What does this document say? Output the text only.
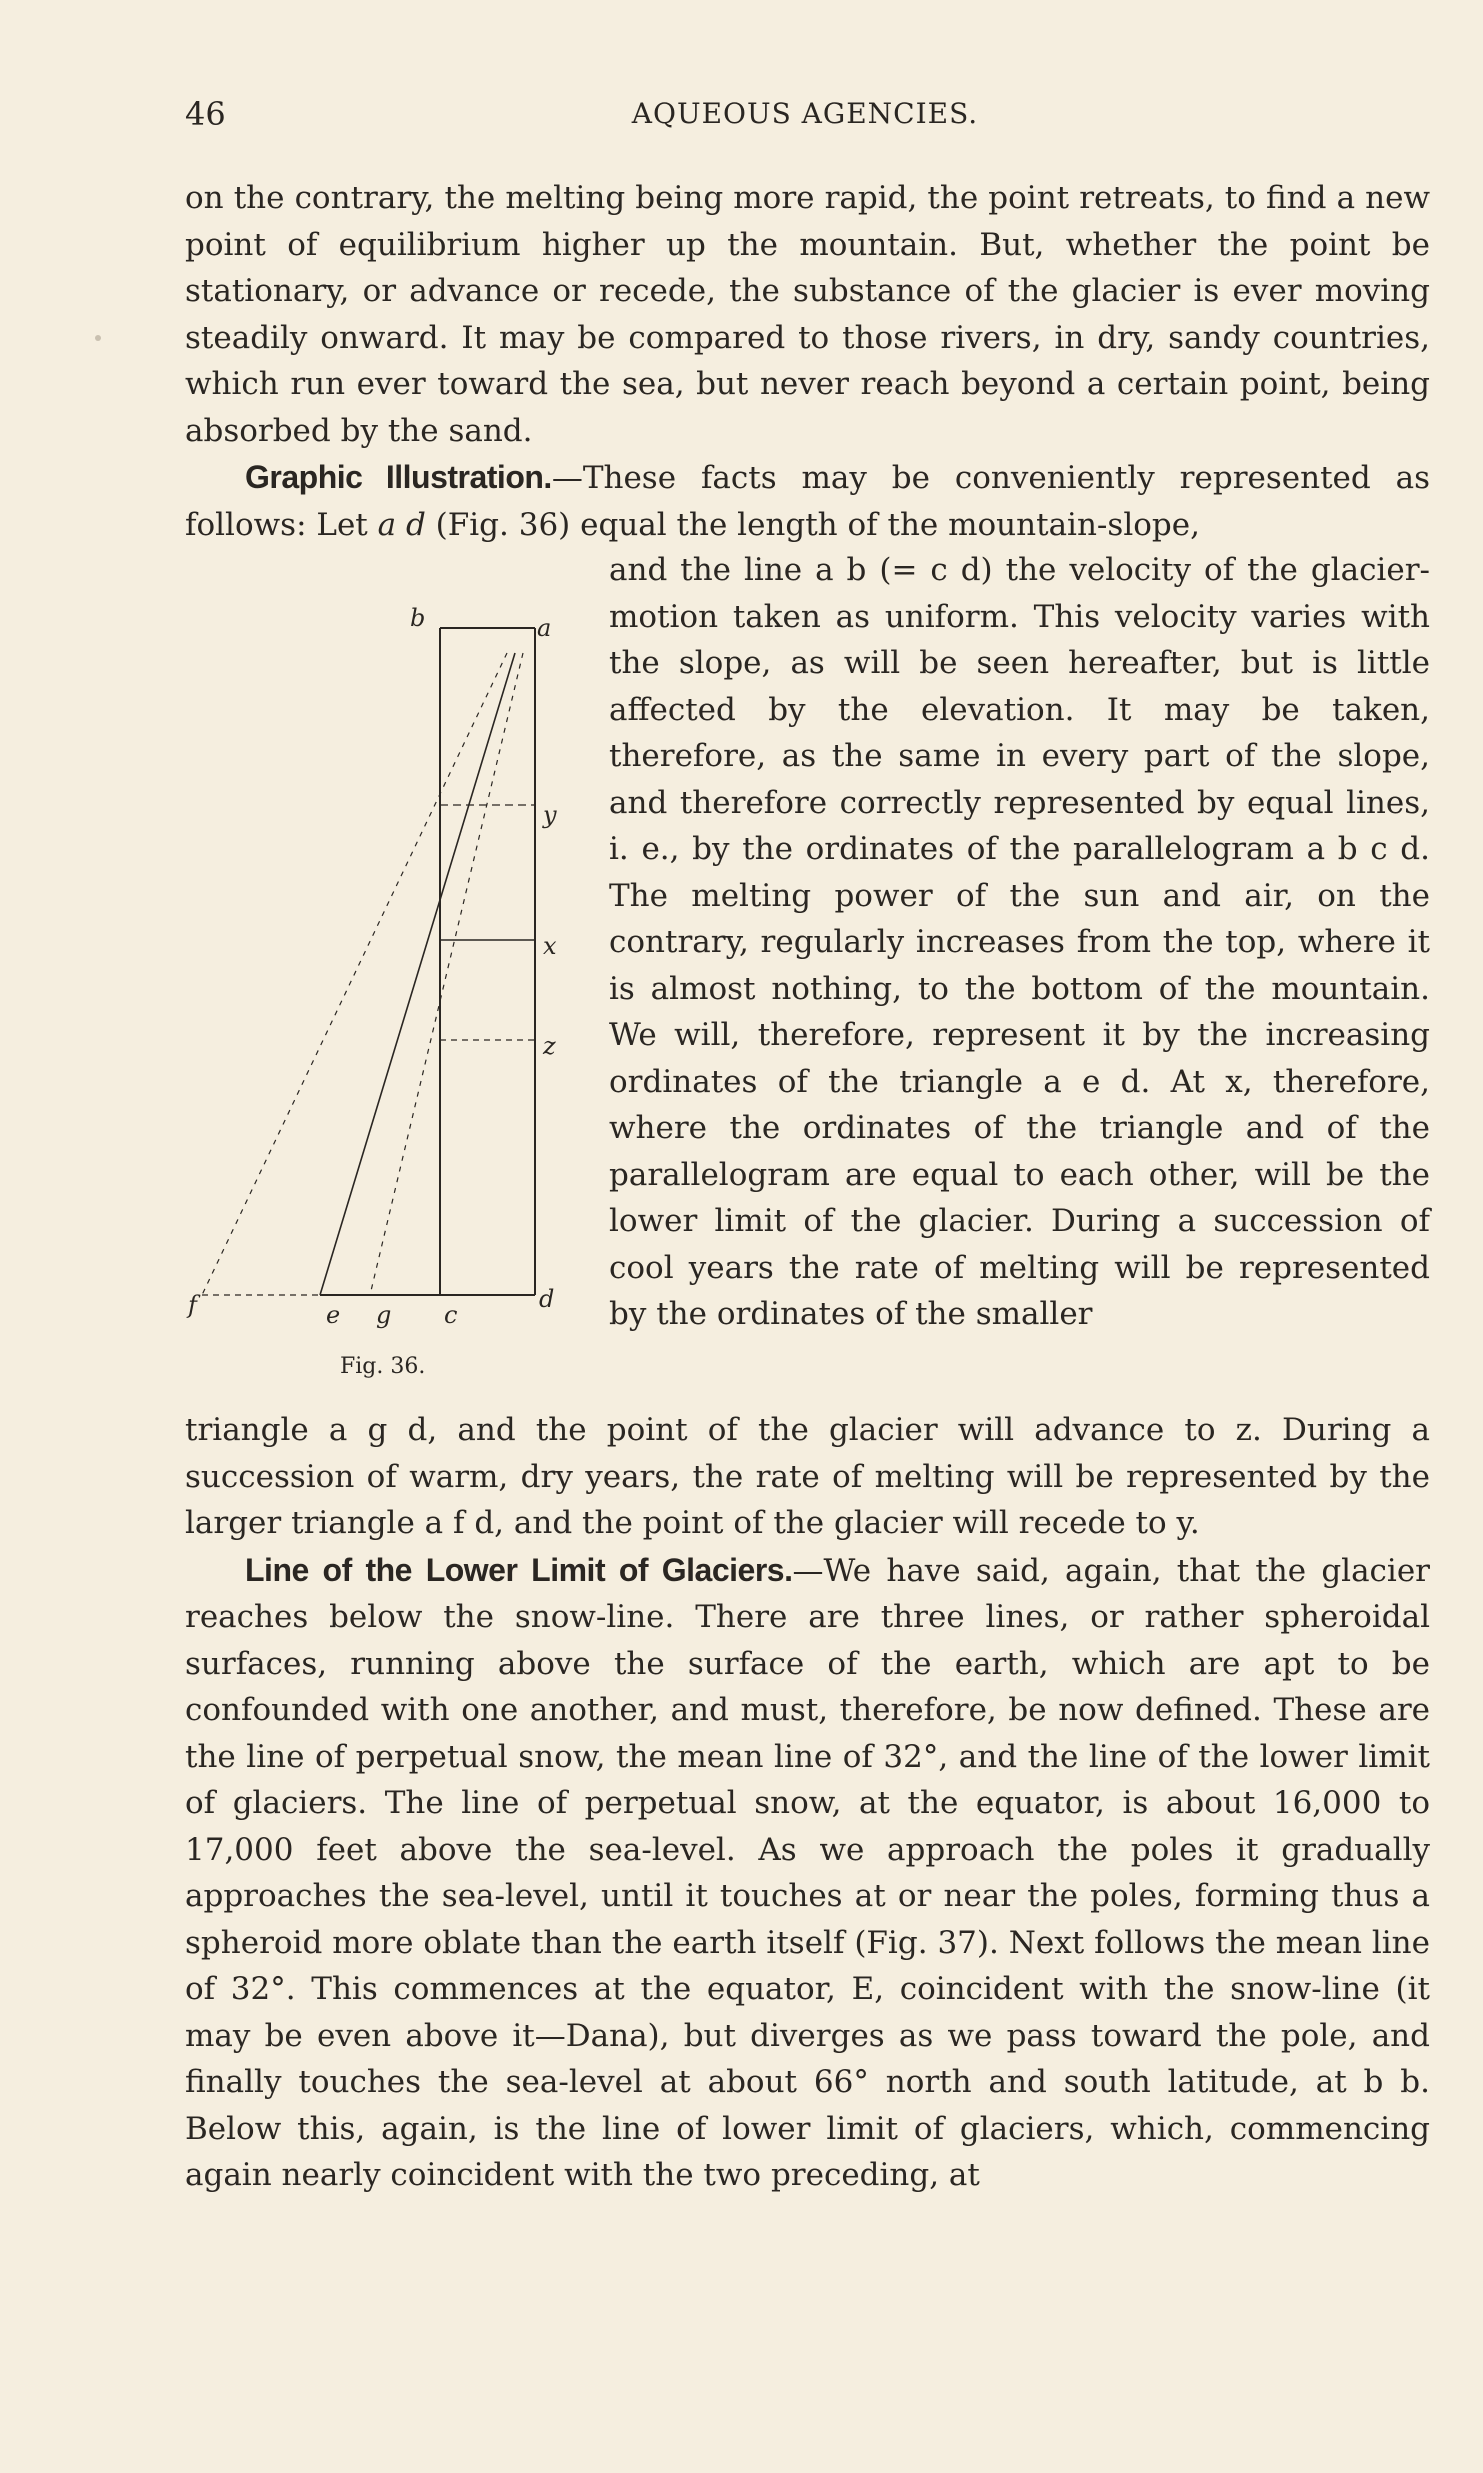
46	AQUEOUS AGENCIES.

on the contrary, the melting being more rapid, the point retreats, to find a new point of equilibrium higher up the mountain. But, whether the point be stationary, or advance or recede, the substance of the glacier is ever moving steadily onward. It may be compared to those rivers, in dry, sandy countries, which run ever toward the sea, but never reach beyond a certain point, being absorbed by the sand.

Graphic Illustration.—These facts may be conveniently represented as follows: Let a d (Fig. 36) equal the length of the mountain-slope,

and the line a b (= c d) the velocity of the glacier-motion taken as uniform. This velocity varies with the slope, as will be seen hereafter, but is little affected by the elevation. It may be taken, therefore, as the same in every part of the slope, and therefore correctly represented by equal lines, i. e., by the ordinates of the parallelogram a b c d. The melting power of the sun and air, on the contrary, regularly increases from the top, where it is almost nothing, to the bottom of the mountain. We will, therefore, represent it by the increasing ordinates of the triangle a e d. At x, therefore, where the ordinates of the triangle and of the parallelogram are equal to each other, will be the lower limit of the glacier. During a succession of cool years the rate of melting will be represented by the ordinates of the smaller

b	a
y
x
z
d
f	e g c
Fig. 36.

triangle a g d, and the point of the glacier will advance to z. During a succession of warm, dry years, the rate of melting will be represented by the larger triangle a f d, and the point of the glacier will recede to y.

Line of the Lower Limit of Glaciers.—We have said, again, that the glacier reaches below the snow-line. There are three lines, or rather spheroidal surfaces, running above the surface of the earth, which are apt to be confounded with one another, and must, therefore, be now defined. These are the line of perpetual snow, the mean line of 32°, and the line of the lower limit of glaciers. The line of perpetual snow, at the equator, is about 16,000 to 17,000 feet above the sea-level. As we approach the poles it gradually approaches the sea-level, until it touches at or near the poles, forming thus a spheroid more oblate than the earth itself (Fig. 37). Next follows the mean line of 32°. This commences at the equator, E, coincident with the snow-line (it may be even above it—Dana), but diverges as we pass toward the pole, and finally touches the sea-level at about 66° north and south latitude, at b b. Below this, again, is the line of lower limit of glaciers, which, commencing again nearly coincident with the two preceding, at
